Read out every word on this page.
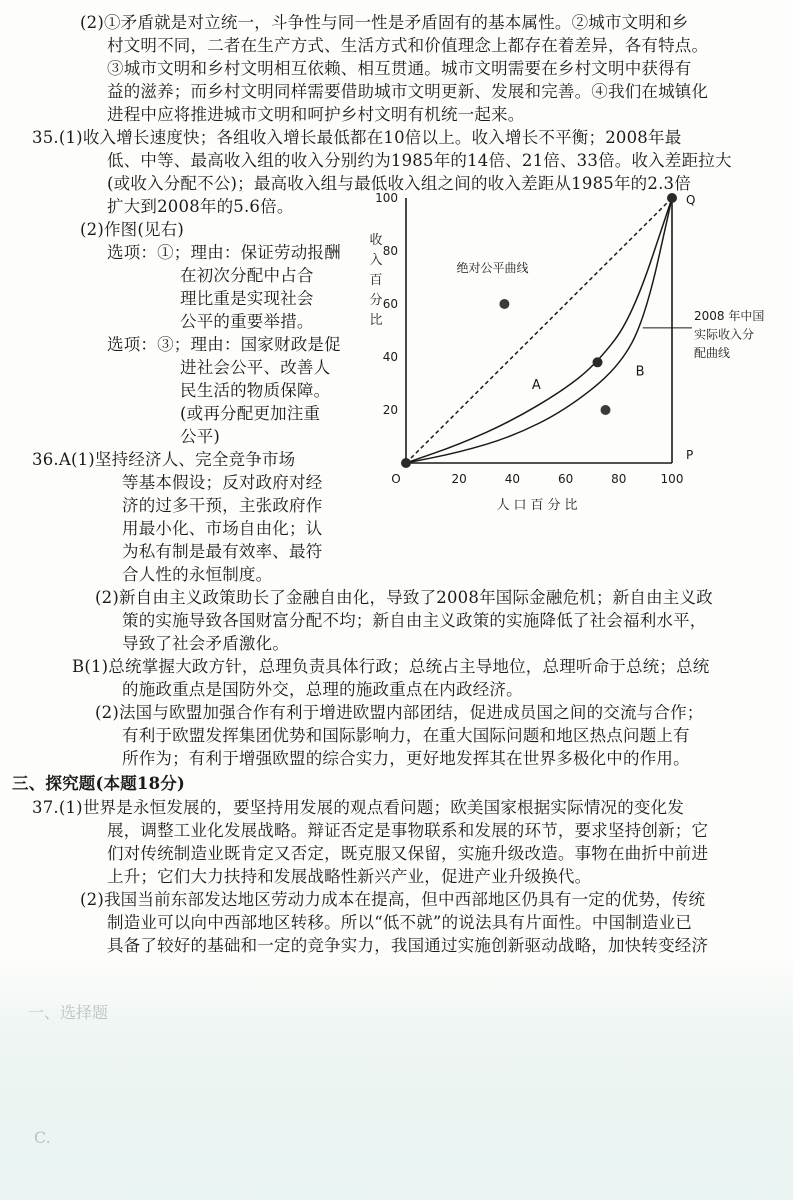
(2)①矛盾就是对立统一，斗争性与同一性是矛盾固有的基本属性。②城市文明和乡
村文明不同，二者在生产方式、生活方式和价值理念上都存在着差异，各有特点。
③城市文明和乡村文明相互依赖、相互贯通。城市文明需要在乡村文明中获得有
益的滋养；而乡村文明同样需要借助城市文明更新、发展和完善。④我们在城镇化
进程中应将推进城市文明和呵护乡村文明有机统一起来。
35.(1)收入增长速度快；各组收入增长最低都在10倍以上。收入增长不平衡；2008年最
低、中等、最高收入组的收入分别约为1985年的14倍、21倍、33倍。收入差距拉大
(或收入分配不公)；最高收入组与最低收入组之间的收入差距从1985年的2.3倍
扩大到2008年的5.6倍。
(2)作图(见右)
选项：①；理由：保证劳动报酬
在初次分配中占合
理比重是实现社会
公平的重要举措。
选项：③；理由：国家财政是促
进社会公平、改善人
民生活的物质保障。
(或再分配更加注重
公平)
36.A(1)坚持经济人、完全竞争市场
等基本假设；反对政府对经
济的过多干预，主张政府作
用最小化、市场自由化；认
为私有制是最有效率、最符
合人性的永恒制度。
(2)新自由主义政策助长了金融自由化，导致了2008年国际金融危机；新自由主义政
策的实施导致各国财富分配不均；新自由主义政策的实施降低了社会福利水平，
导致了社会矛盾激化。
B(1)总统掌握大政方针，总理负责具体行政；总统占主导地位，总理听命于总统；总统
的施政重点是国防外交，总理的施政重点在内政经济。
(2)法国与欧盟加强合作有利于增进欧盟内部团结，促进成员国之间的交流与合作；
有利于欧盟发挥集团优势和国际影响力，在重大国际问题和地区热点问题上有
所作为；有利于增强欧盟的综合实力，更好地发挥其在世界多极化中的作用。
三、探究题(本题18分)
37.(1)世界是永恒发展的，要坚持用发展的观点看问题；欧美国家根据实际情况的变化发
展，调整工业化发展战略。辩证否定是事物联系和发展的环节，要求坚持创新；它
们对传统制造业既肯定又否定，既克服又保留，实施升级改造。事物在曲折中前进
上升；它们大力扶持和发展战略性新兴产业，促进产业升级换代。
(2)我国当前东部发达地区劳动力成本在提高，但中西部地区仍具有一定的优势，传统
制造业可以向中西部地区转移。所以“低不就”的说法具有片面性。中国制造业已
具备了较好的基础和一定的竞争实力，我国通过实施创新驱动战略，加快转变经济
O	20	40	60	80	100
20
40
60
80
100
收
入
百
分
比
人口百分比
Q
P
A
B
绝对公平曲线
2008 年中国
实际收入分
配曲线
一、选择题
C.
